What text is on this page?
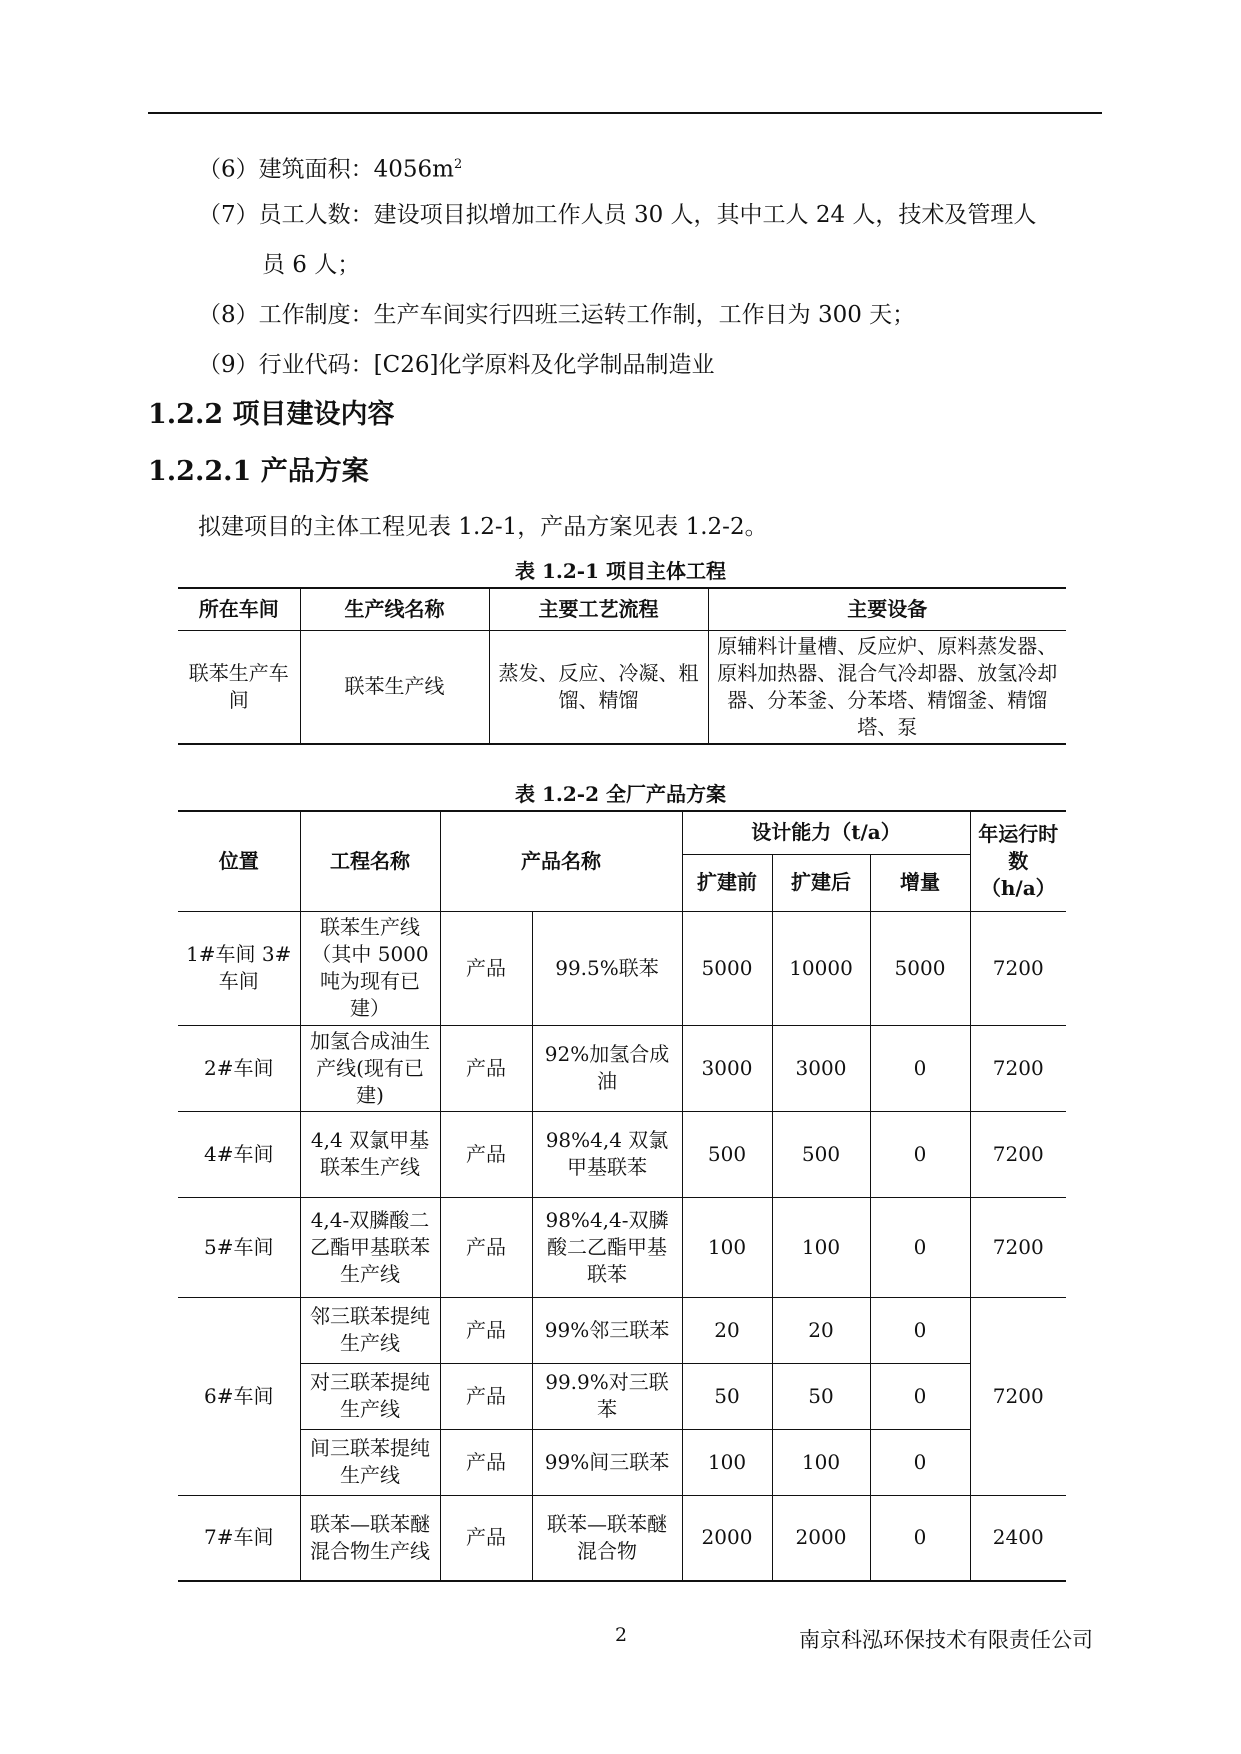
（6）建筑面积：$4056m^2$
（7）员工人数：建设项目拟增加工作人员 30 人，其中工人 24 人，技术及管理人
员 6 人；
（8）工作制度：生产车间实行四班三运转工作制，工作日为 300 天；
（9）行业代码：[C26]化学原料及化学制品制造业
1.2.2 项目建设内容
1.2.2.1 产品方案
拟建项目的主体工程见表 1.2-1，产品方案见表 1.2-2。
表 1.2-1 项目主体工程
所在车间	生产线名称	主要工艺流程	主要设备
联苯生产车间	联苯生产线	蒸发、反应、冷凝、粗馏、精馏	原辅料计量槽、反应炉、原料蒸发器、原料加热器、混合气冷却器、放氢冷却器、分苯釜、分苯塔、精馏釜、精馏塔、泵
表 1.2-2 全厂产品方案
位置	工程名称	产品名称		设计能力（t/a）			年运行时数（h/a）
				扩建前	扩建后	增量	
1#车间 3#车间	联苯生产线（其中 5000 吨为现有已建）	产品	99.5%联苯	5000	10000	5000	7200
2#车间	加氢合成油生产线(现有已建)	产品	92%加氢合成油	3000	3000	0	7200
4#车间	4,4 双氯甲基联苯生产线	产品	98%4,4 双氯甲基联苯	500	500	0	7200
5#车间	4,4-双膦酸二乙酯甲基联苯生产线	产品	98%4,4-双膦酸二乙酯甲基联苯	100	100	0	7200
6#车间	邻三联苯提纯生产线	产品	99%邻三联苯	20	20	0	7200
	对三联苯提纯生产线	产品	99.9%对三联苯	50	50	0	
	间三联苯提纯生产线	产品	99%间三联苯	100	100	0	
7#车间	联苯—联苯醚混合物生产线	产品	联苯—联苯醚混合物	2000	2000	0	2400
2	南京科泓环保技术有限责任公司
